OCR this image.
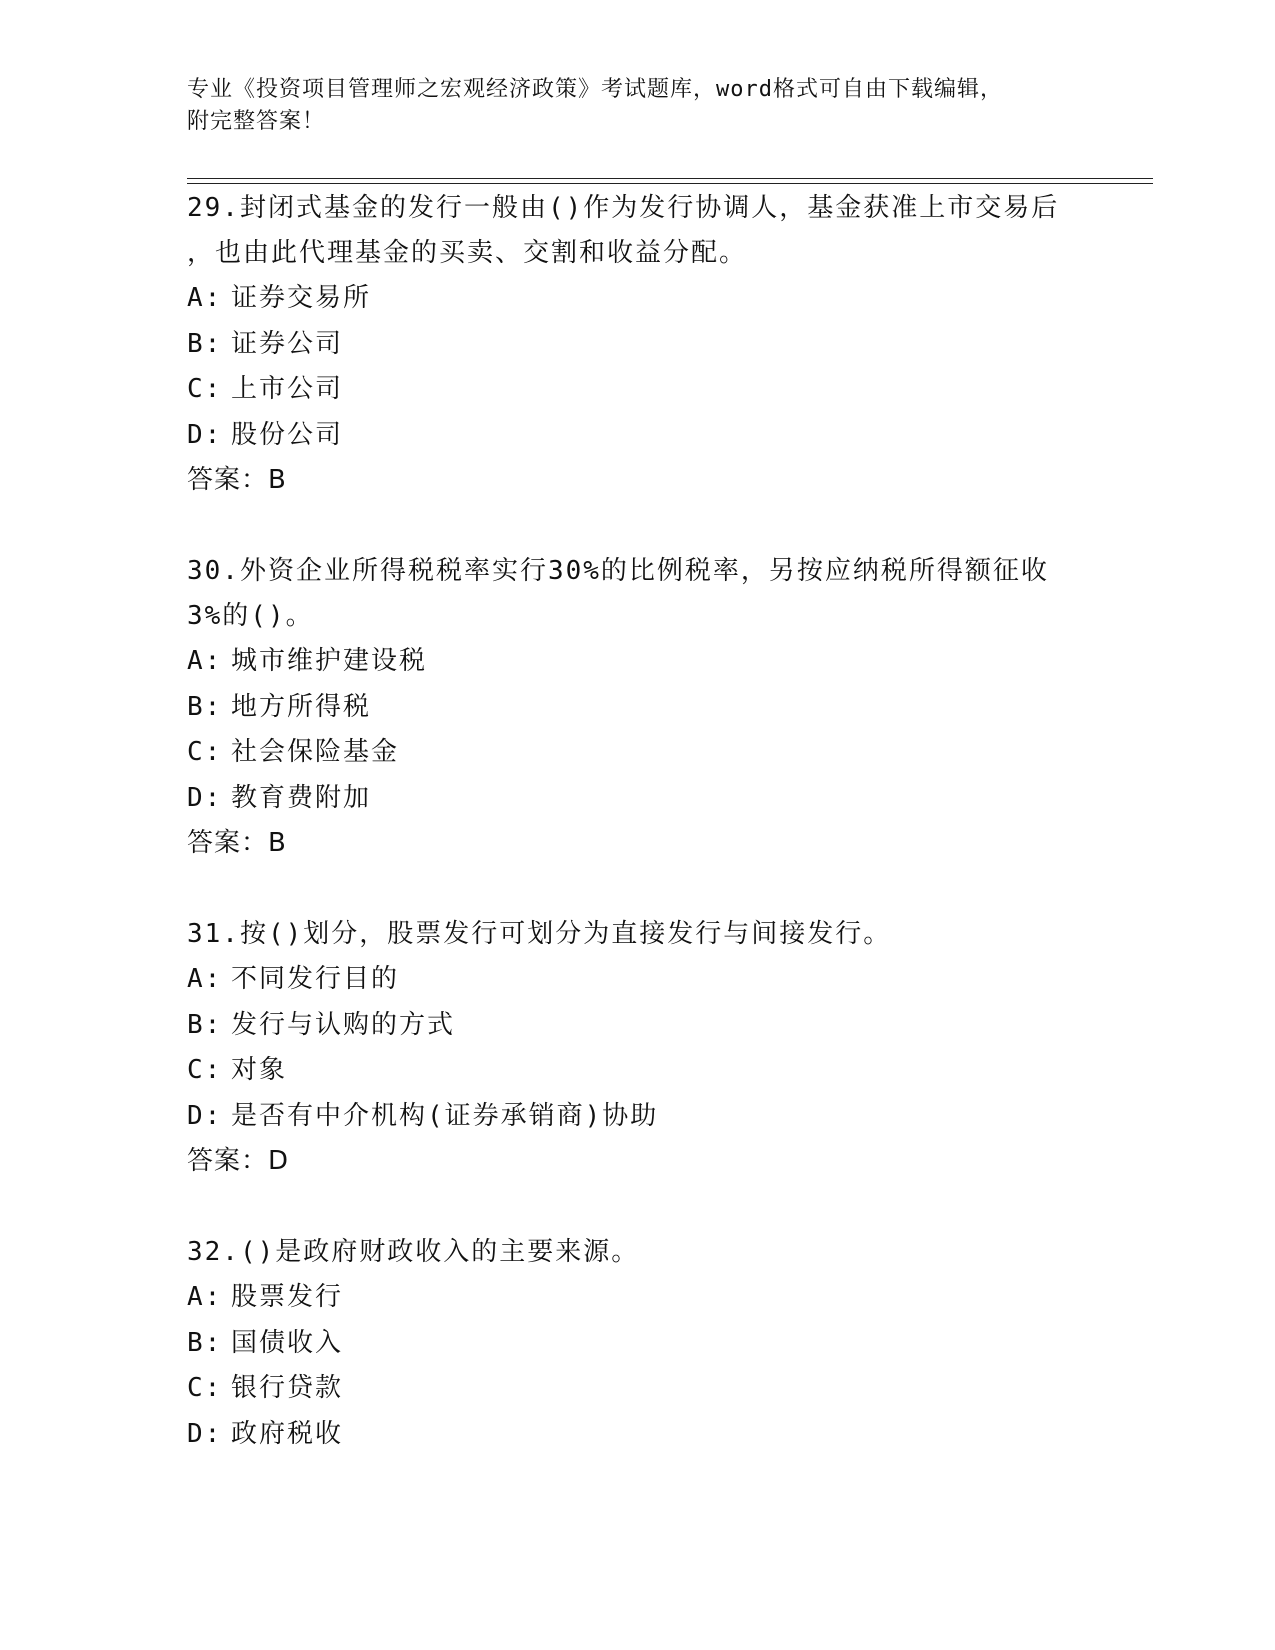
专业《投资项目管理师之宏观经济政策》考试题库，word格式可自由下载编辑，
附完整答案！
29.封闭式基金的发行一般由()作为发行协调人，基金获准上市交易后
，也由此代理基金的买卖、交割和收益分配。
A: 证券交易所
B: 证券公司
C: 上市公司
D: 股份公司
答案：B
30.外资企业所得税税率实行30%的比例税率，另按应纳税所得额征收
3%的()。
A: 城市维护建设税
B: 地方所得税
C: 社会保险基金
D: 教育费附加
答案：B
31.按()划分，股票发行可划分为直接发行与间接发行。
A: 不同发行目的
B: 发行与认购的方式
C: 对象
D: 是否有中介机构(证券承销商)协助
答案：D
32.()是政府财政收入的主要来源。
A: 股票发行
B: 国债收入
C: 银行贷款
D: 政府税收
